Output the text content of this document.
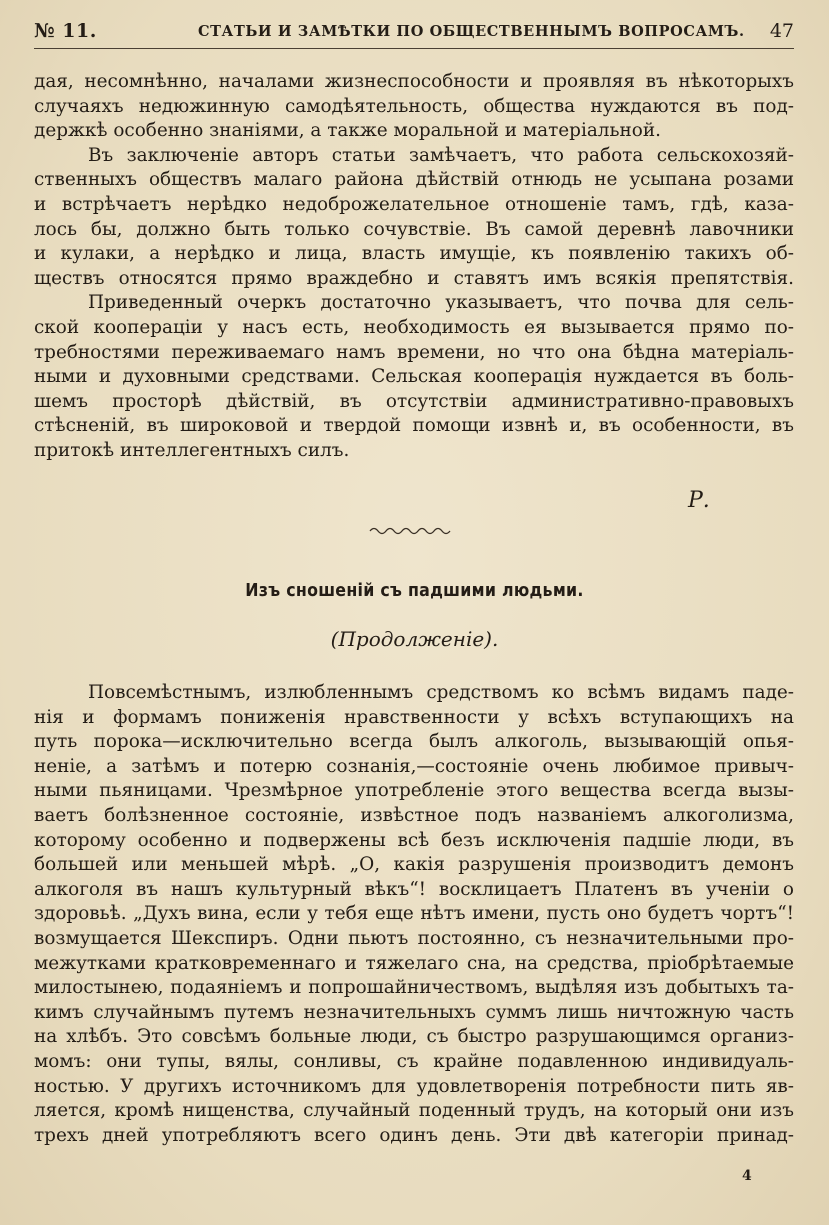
№ 11.	СТАТЬИ И ЗАМѢТКИ ПО ОБЩЕСТВЕННЫМЪ ВОПРОСАМЪ. 47
дая, несомнѣнно, началами жизнеспособности и проявляя въ нѣкоторыхъ
случаяхъ недюжинную самодѣятельность, общества нуждаются въ под-
держкѣ особенно знаніями, а также моральной и матеріальной.
Въ заключеніе авторъ статьи замѣчаетъ, что работа сельскохозяй-
ственныхъ обществъ малаго района дѣйствій отнюдь не усыпана розами
и встрѣчаетъ нерѣдко недоброжелательное отношеніе тамъ, гдѣ, каза-
лось бы, должно быть только сочувствіе. Въ самой деревнѣ лавочники
и кулаки, а нерѣдко и лица, власть имущіе, къ появленію такихъ об-
ществъ относятся прямо враждебно и ставятъ имъ всякія препятствія.
Приведенный очеркъ достаточно указываетъ, что почва для сель-
ской коопераціи у насъ есть, необходимость ея вызывается прямо по-
требностями переживаемаго намъ времени, но что она бѣдна матеріаль-
ными и духовными средствами. Сельская кооперація нуждается въ боль-
шемъ просторѣ дѣйствій, въ отсутствіи административно-правовыхъ
стѣсненій, въ широковой и твердой помощи извнѣ и, въ особенности, въ
притокѣ интеллегентныхъ силъ.
Р.
Изъ сношеній съ падшими людьми.
(Продолженіе).
Повсемѣстнымъ, излюбленнымъ средствомъ ко всѣмъ видамъ паде-
нія и формамъ пониженія нравственности у всѣхъ вступающихъ на
путь порока—исключительно всегда былъ алкоголь, вызывающій опья-
неніе, а затѣмъ и потерю сознанія,—состояніе очень любимое привыч-
ными пьяницами. Чрезмѣрное употребленіе этого вещества всегда вызы-
ваетъ болѣзненное состояніе, извѣстное подъ названіемъ алкоголизма,
которому особенно и подвержены всѣ безъ исключенія падшіе люди, въ
большей или меньшей мѣрѣ. „О, какія разрушенія производитъ демонъ
алкоголя въ нашъ культурный вѣкъ“! восклицаетъ Платенъ въ ученіи о
здоровьѣ. „Духъ вина, если у тебя еще нѣтъ имени, пусть оно будетъ чортъ“!
возмущается Шекспиръ. Одни пьютъ постоянно, съ незначительными про-
межутками кратковременнаго и тяжелаго сна, на средства, пріобрѣтаемые
милостынею, подаяніемъ и попрошайничествомъ, выдѣляя изъ добытыхъ та-
кимъ случайнымъ путемъ незначительныхъ суммъ лишь ничтожную часть
на хлѣбъ. Это совсѣмъ больные люди, съ быстро разрушающимся организ-
момъ: они тупы, вялы, сонливы, съ крайне подавленною индивидуаль-
ностью. У другихъ источникомъ для удовлетворенія потребности пить яв-
ляется, кромѣ нищенства, случайный поденный трудъ, на который они изъ
трехъ дней употребляютъ всего одинъ день. Эти двѣ категоріи принад-
4
